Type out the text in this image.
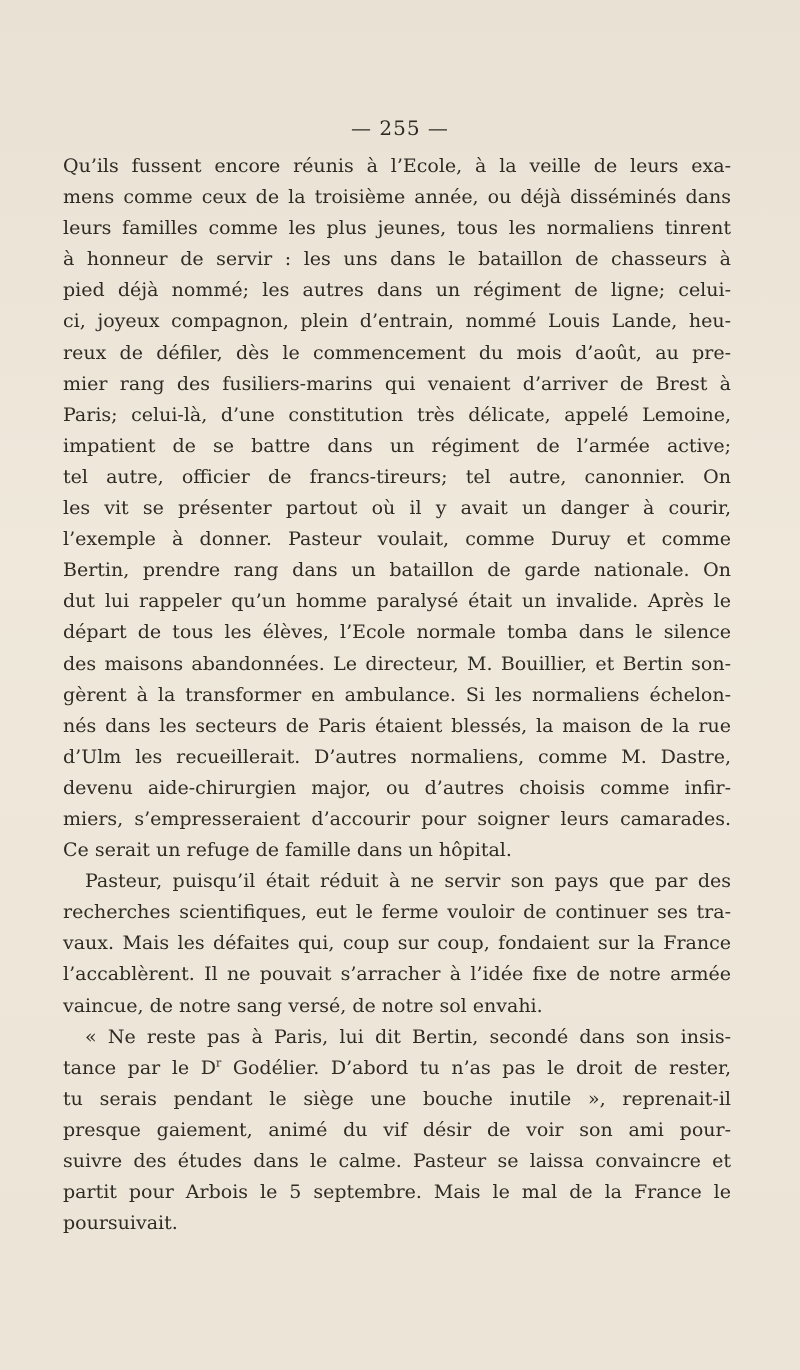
— 255 —
Qu’ils fussent encore réunis à l’Ecole, à la veille de leurs exa-
mens comme ceux de la troisième année, ou déjà disséminés dans
leurs familles comme les plus jeunes, tous les normaliens tinrent
à honneur de servir : les uns dans le bataillon de chasseurs à
pied déjà nommé; les autres dans un régiment de ligne; celui-
ci, joyeux compagnon, plein d’entrain, nommé Louis Lande, heu-
reux de défiler, dès le commencement du mois d’août, au pre-
mier rang des fusiliers-marins qui venaient d’arriver de Brest à
Paris; celui-là, d’une constitution très délicate, appelé Lemoine,
impatient de se battre dans un régiment de l’armée active;
tel autre, officier de francs-tireurs; tel autre, canonnier. On
les vit se présenter partout où il y avait un danger à courir,
l’exemple à donner. Pasteur voulait, comme Duruy et comme
Bertin, prendre rang dans un bataillon de garde nationale. On
dut lui rappeler qu’un homme paralysé était un invalide. Après le
départ de tous les élèves, l’Ecole normale tomba dans le silence
des maisons abandonnées. Le directeur, M. Bouillier, et Bertin son-
gèrent à la transformer en ambulance. Si les normaliens échelon-
nés dans les secteurs de Paris étaient blessés, la maison de la rue
d’Ulm les recueillerait. D’autres normaliens, comme M. Dastre,
devenu aide-chirurgien major, ou d’autres choisis comme infir-
miers, s’empresseraient d’accourir pour soigner leurs camarades.
Ce serait un refuge de famille dans un hôpital.
Pasteur, puisqu’il était réduit à ne servir son pays que par des
recherches scientifiques, eut le ferme vouloir de continuer ses tra-
vaux. Mais les défaites qui, coup sur coup, fondaient sur la France
l’accablèrent. Il ne pouvait s’arracher à l’idée fixe de notre armée
vaincue, de notre sang versé, de notre sol envahi.
« Ne reste pas à Paris, lui dit Bertin, secondé dans son insis-
tance par le $D^r$ Godélier. D’abord tu n’as pas le droit de rester,
tu serais pendant le siège une bouche inutile », reprenait-il
presque gaiement, animé du vif désir de voir son ami pour-
suivre des études dans le calme. Pasteur se laissa convaincre et
partit pour Arbois le 5 septembre. Mais le mal de la France le
poursuivait.
